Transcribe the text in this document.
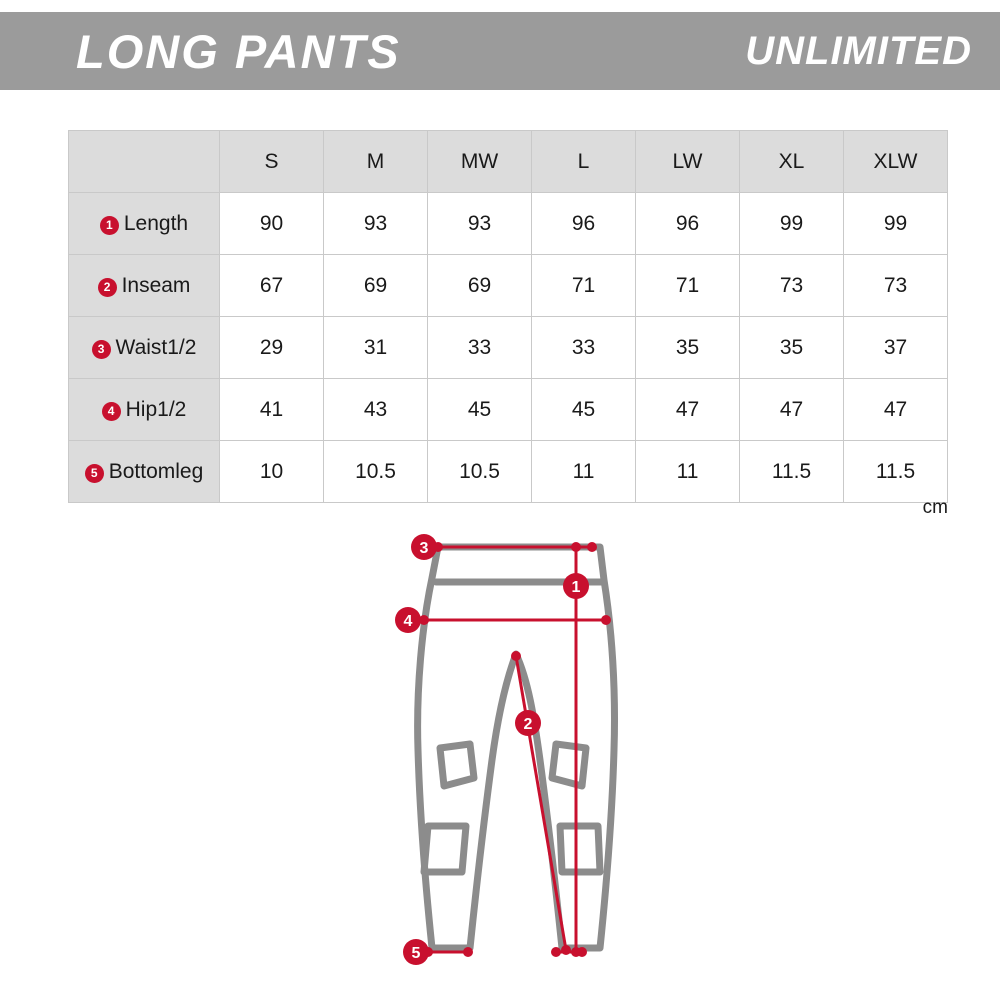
LONG PANTS	UNLIMITED
	S	M	MW	L	LW	XL	XLW
1 Length	90	93	93	96	96	99	99
2 Inseam	67	69	69	71	71	73	73
3 Waist1/2	29	31	33	33	35	35	37
4 Hip1/2	41	43	45	45	47	47	47
5 Bottomleg	10	10.5	10.5	11	11	11.5	11.5
cm
3
1
4
2
5
